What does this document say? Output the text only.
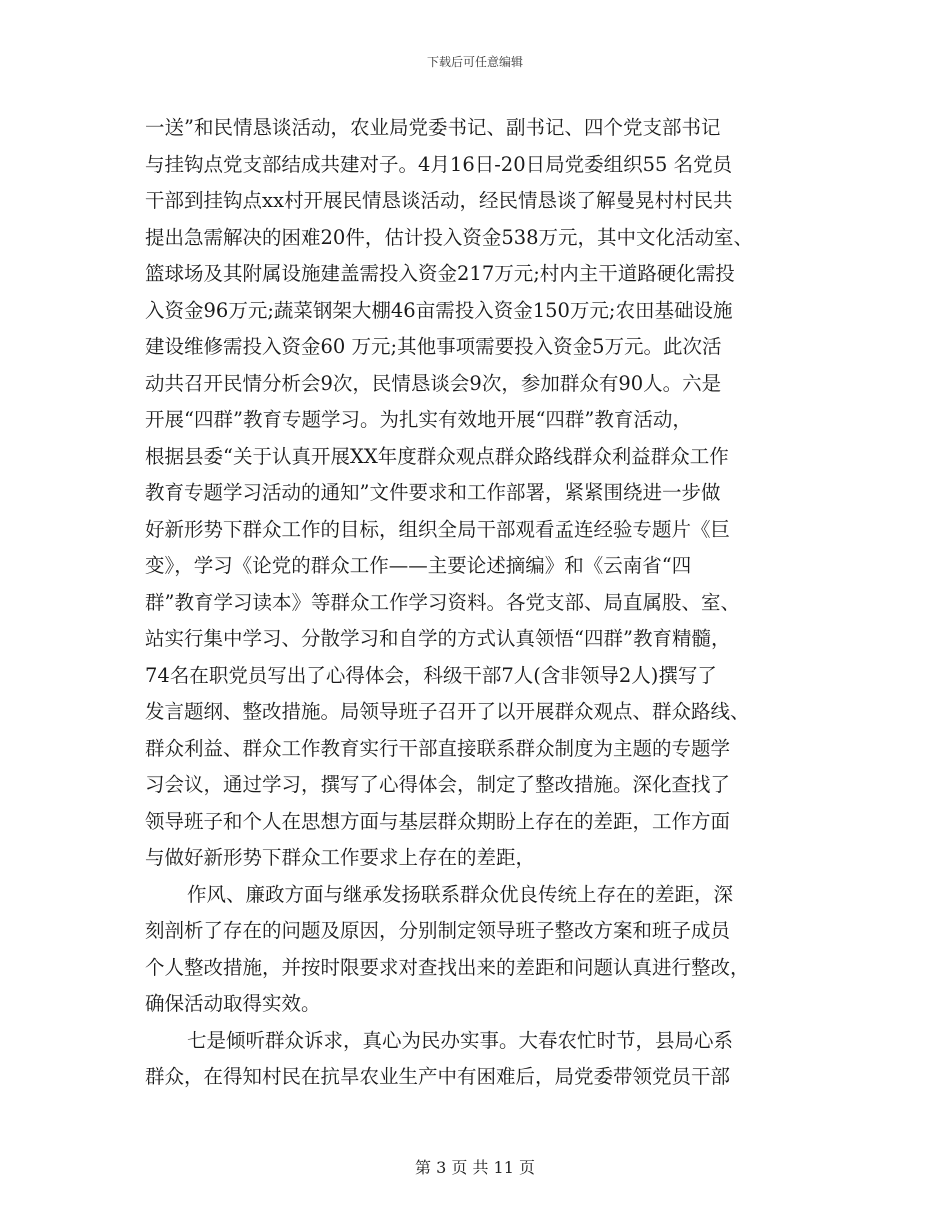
下载后可任意编辑
一送”和民情恳谈活动，农业局党委书记、副书记、四个党支部书记
与挂钩点党支部结成共建对子。4月16日-20日局党委组织55 名党员
干部到挂钩点xx村开展民情恳谈活动，经民情恳谈了解曼晃村村民共
提出急需解决的困难20件，估计投入资金538万元，其中文化活动室、
篮球场及其附属设施建盖需投入资金217万元;村内主干道路硬化需投
入资金96万元;蔬菜钢架大棚46亩需投入资金150万元;农田基础设施
建设维修需投入资金60 万元;其他事项需要投入资金5万元。此次活
动共召开民情分析会9次，民情恳谈会9次，参加群众有90人。六是
开展“四群”教育专题学习。为扎实有效地开展“四群”教育活动，
根据县委“关于认真开展XX年度群众观点群众路线群众利益群众工作
教育专题学习活动的通知”文件要求和工作部署，紧紧围绕进一步做
好新形势下群众工作的目标，组织全局干部观看孟连经验专题片《巨
变》，学习《论党的群众工作——主要论述摘编》和《云南省“四
群”教育学习读本》等群众工作学习资料。各党支部、局直属股、室、
站实行集中学习、分散学习和自学的方式认真领悟“四群”教育精髓，
74名在职党员写出了心得体会，科级干部7人(含非领导2人)撰写了
发言题纲、整改措施。局领导班子召开了以开展群众观点、群众路线、
群众利益、群众工作教育实行干部直接联系群众制度为主题的专题学
习会议，通过学习，撰写了心得体会，制定了整改措施。深化查找了
领导班子和个人在思想方面与基层群众期盼上存在的差距，工作方面
与做好新形势下群众工作要求上存在的差距，
作风、廉政方面与继承发扬联系群众优良传统上存在的差距，深
刻剖析了存在的问题及原因，分别制定领导班子整改方案和班子成员
个人整改措施，并按时限要求对查找出来的差距和问题认真进行整改，
确保活动取得实效。
七是倾听群众诉求，真心为民办实事。大春农忙时节，县局心系
群众，在得知村民在抗旱农业生产中有困难后，局党委带领党员干部
第 3 页 共 11 页
